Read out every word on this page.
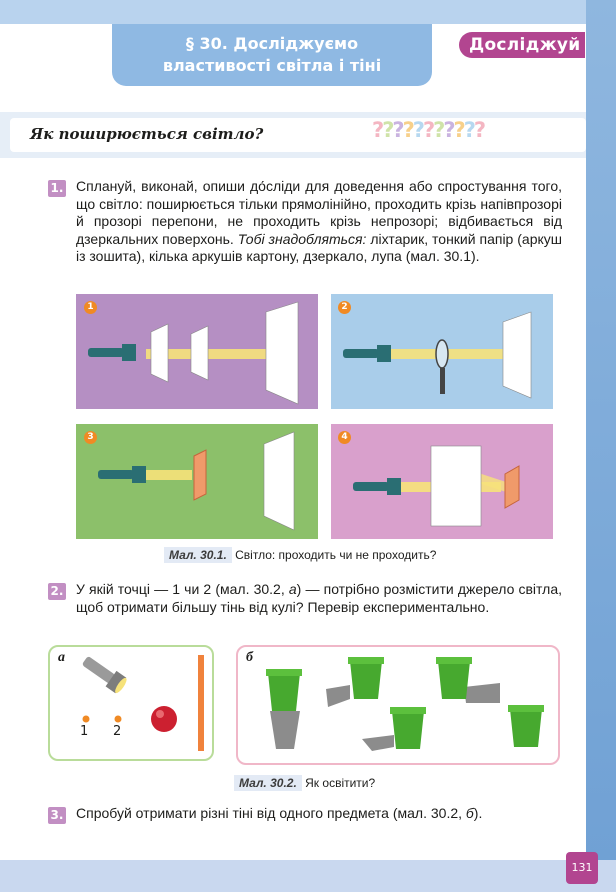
§ 30. Досліджуємо
властивості світла і тіні
Досліджуй
Як поширюється світло?	???????????
1. Сплануй, виконай, опиши до́сліди для доведення або спростування того, що світло: поширюється тільки прямолінійно, проходить крізь напівпрозорі й прозорі перепони, не проходить крізь непрозорі; відбивається від дзеркальних поверхонь. Тобі знадобляться: ліхтарик, тонкий папір (аркуш із зошита), кілька аркушів картону, дзеркало, лупа (мал. 30.1).
1	2
3	4
Мал. 30.1. Світло: проходить чи не проходить?
2. У якій точці — 1 чи 2 (мал. 30.2, а) — потрібно розмістити джерело світла, щоб отримати більшу тінь від кулі? Перевір експериментально.
а
1 2
б
Мал. 30.2. Як освітити?
3. Спробуй отримати різні тіні від одного предмета (мал. 30.2, б).
131
